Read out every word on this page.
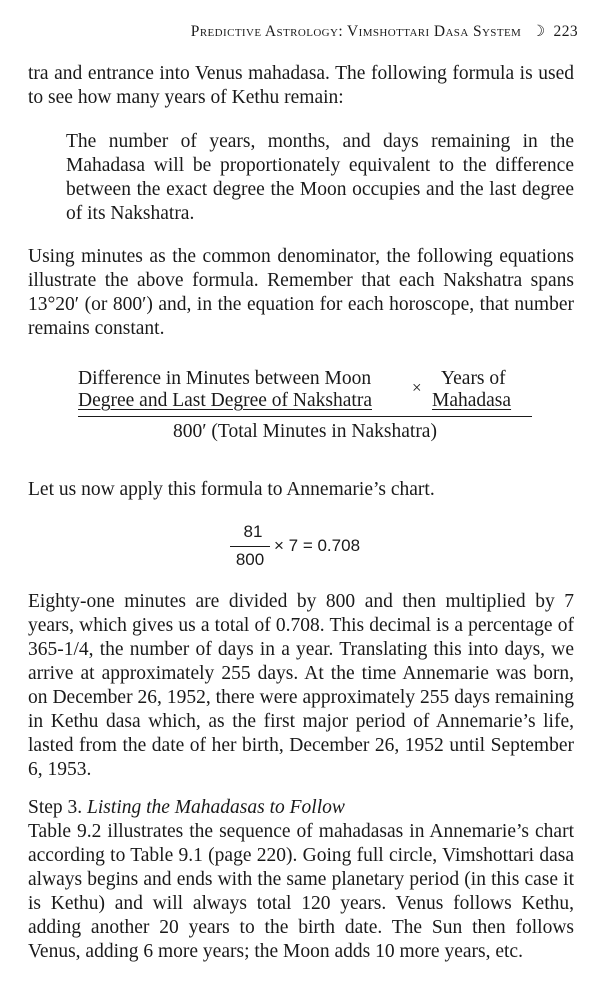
Predictive Astrology: Vimshottari Dasa System ☽ 223

tra and entrance into Venus mahadasa. The following formula is used to see how many years of Kethu remain:

The number of years, months, and days remaining in the Mahadasa will be proportionately equivalent to the difference between the exact degree the Moon occupies and the last degree of its Nakshatra.

Using minutes as the common denominator, the following equations illustrate the above formula. Remember that each Nakshatra spans 13°20′ (or 800′) and, in the equation for each horoscope, that number remains constant.

Difference in Minutes between Moon
Degree and Last Degree of Nakshatra
× Years of
Mahadasa
800′ (Total Minutes in Nakshatra)

Let us now apply this formula to Annemarie’s chart.

81
800
× 7 = 0.708

Eighty-one minutes are divided by 800 and then multiplied by 7 years, which gives us a total of 0.708. This decimal is a percentage of 365-1/4, the number of days in a year. Translating this into days, we arrive at approximately 255 days. At the time Annemarie was born, on December 26, 1952, there were approximately 255 days remaining in Kethu dasa which, as the first major period of Annemarie’s life, lasted from the date of her birth, December 26, 1952 until September 6, 1953.

Step 3. Listing the Mahadasas to Follow

Table 9.2 illustrates the sequence of mahadasas in Annemarie’s chart according to Table 9.1 (page 220). Going full circle, Vimshottari dasa always begins and ends with the same planetary period (in this case it is Kethu) and will always total 120 years. Venus follows Kethu, adding another 20 years to the birth date. The Sun then follows Venus, adding 6 more years; the Moon adds 10 more years, etc.
